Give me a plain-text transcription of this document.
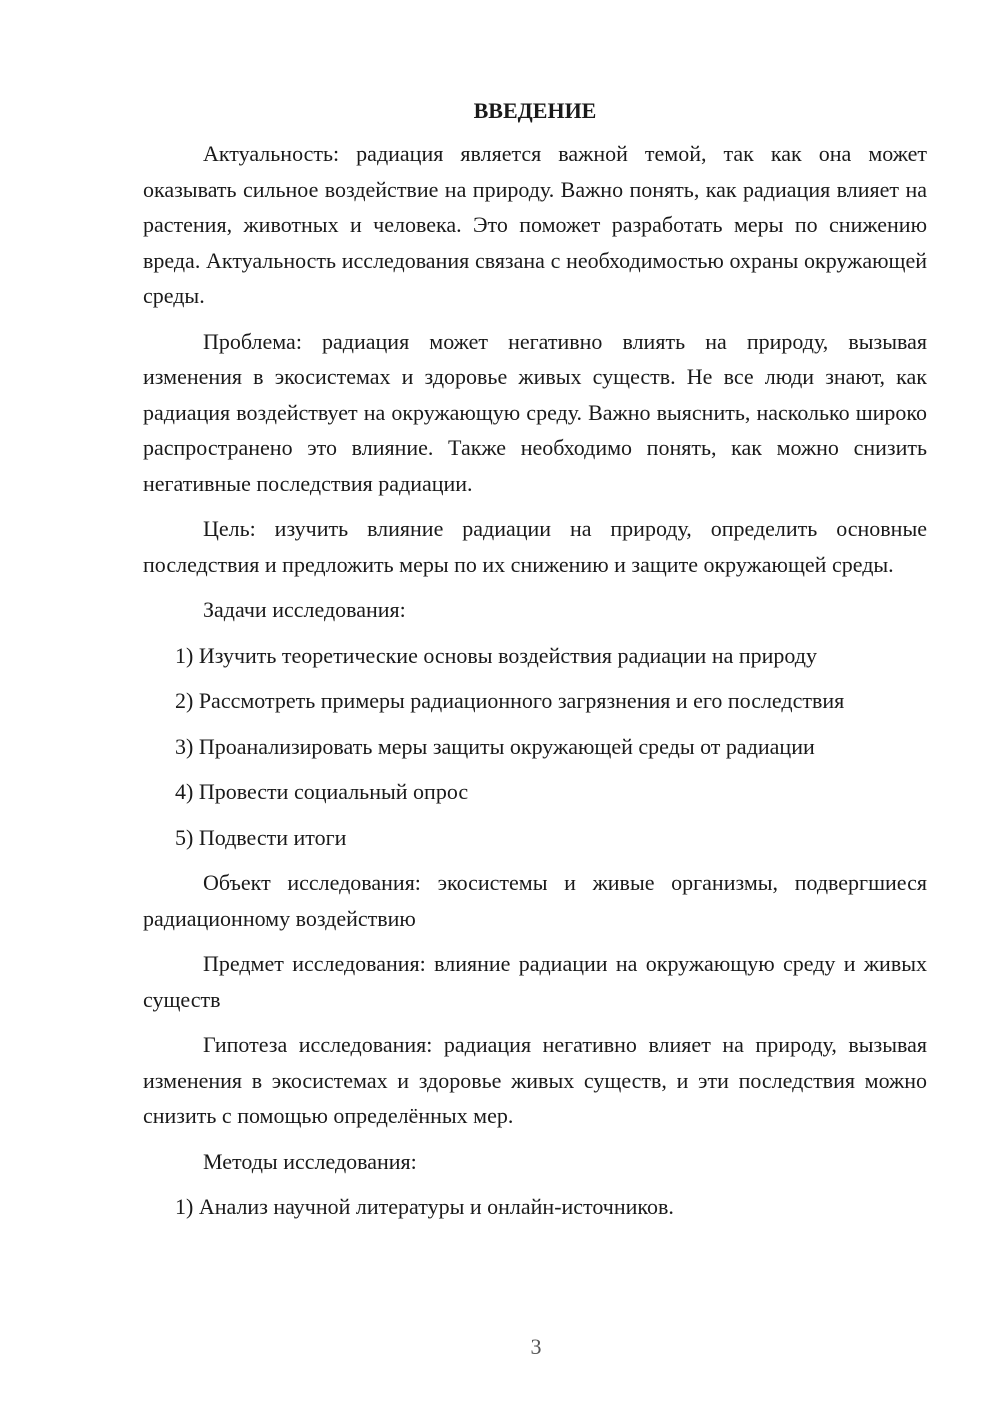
ВВЕДЕНИЕ

Актуальность: радиация является важной темой, так как она может оказывать сильное воздействие на природу. Важно понять, как радиация влияет на растения, животных и человека. Это поможет разработать меры по снижению вреда. Актуальность исследования связана с необходимостью охраны окружающей среды.

Проблема: радиация может негативно влиять на природу, вызывая изменения в экосистемах и здоровье живых существ. Не все люди знают, как радиация воздействует на окружающую среду. Важно выяснить, насколько широко распространено это влияние. Также необходимо понять, как можно снизить негативные последствия радиации.

Цель: изучить влияние радиации на природу, определить основные последствия и предложить меры по их снижению и защите окружающей среды.

Задачи исследования:

1) Изучить теоретические основы воздействия радиации на природу

2) Рассмотреть примеры радиационного загрязнения и его последствия

3) Проанализировать меры защиты окружающей среды от радиации

4) Провести социальный опрос

5) Подвести итоги

Объект исследования: экосистемы и живые организмы, подвергшиеся радиационному воздействию

Предмет исследования: влияние радиации на окружающую среду и живых существ

Гипотеза исследования: радиация негативно влияет на природу, вызывая изменения в экосистемах и здоровье живых существ, и эти последствия можно снизить с помощью определённых мер.

Методы исследования:

1) Анализ научной литературы и онлайн-источников.

3
